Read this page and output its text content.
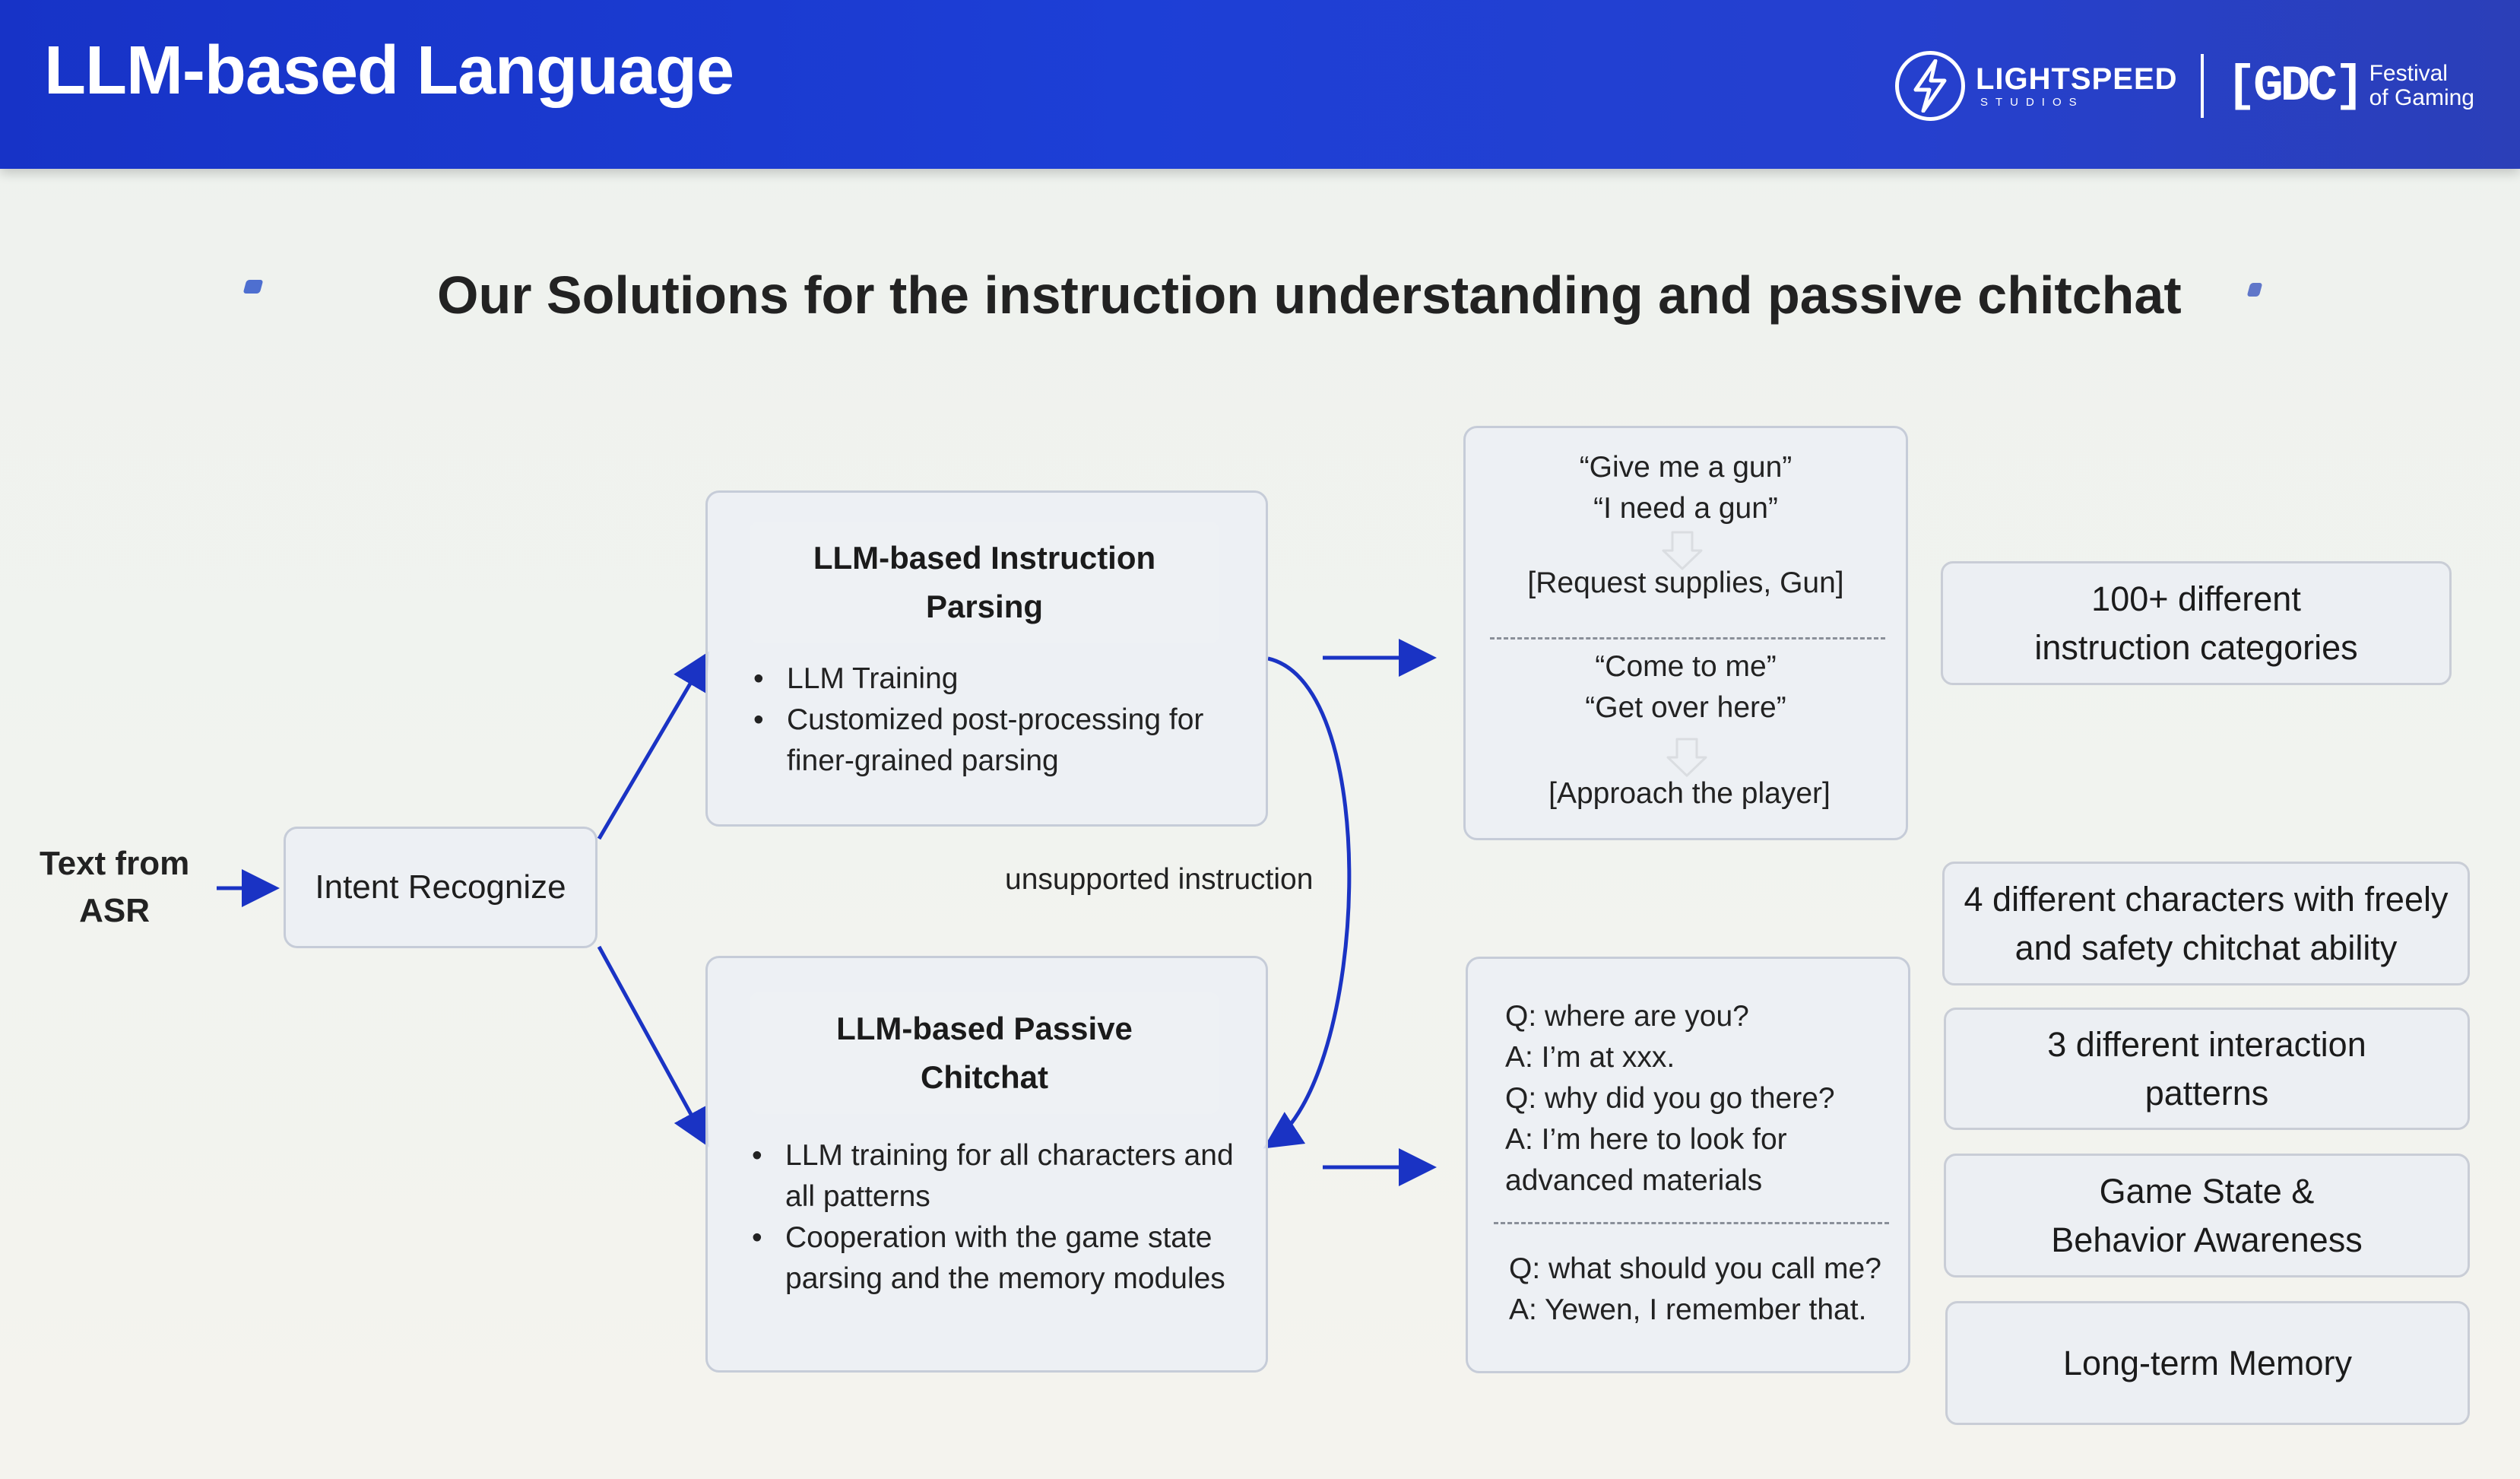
LLM-based Language	LIGHTSPEED
STUDIOS	[GDC] Festival
of Gaming
Our Solutions for the instruction understanding and passive chitchat
Text from
ASR
Intent Recognize
LLM-based Instruction
Parsing
• LLM Training
• Customized post-processing for
finer-grained parsing
LLM-based Passive
Chitchat
• LLM training for all characters and
all patterns
• Cooperation with the game state
parsing and the memory modules
unsupported instruction
“Give me a gun”
“I need a gun”
[Request supplies, Gun]
“Come to me”
“Get over here”
[Approach the player]
Q: where are you?
A: I’m at xxx.
Q: why did you go there?
A: I’m here to look for
advanced materials
Q: what should you call me?
A: Yewen, I remember that.
100+ different
instruction categories
4 different characters with freely
and safety chitchat ability
3 different interaction
patterns
Game State &
Behavior Awareness
Long-term Memory
